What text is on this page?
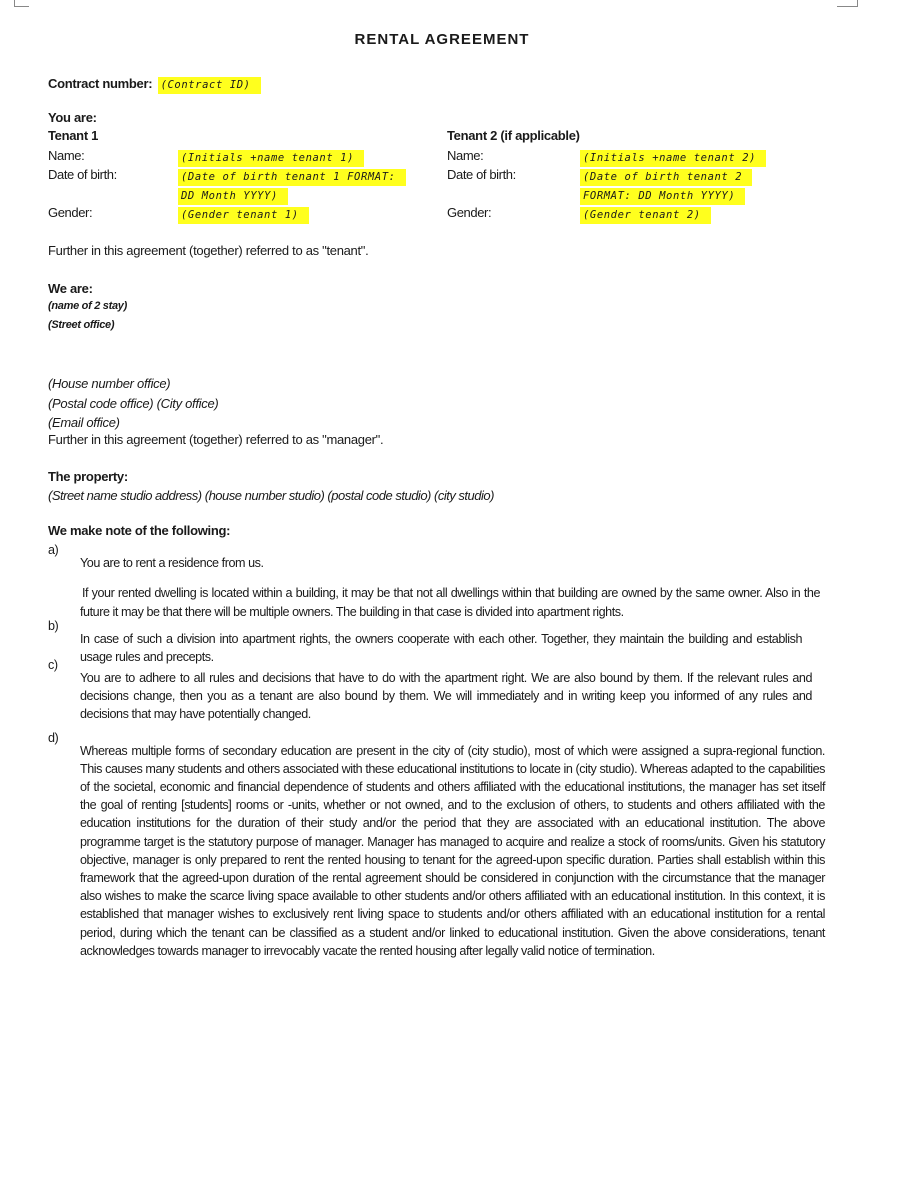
RENTAL AGREEMENT
Contract number: (Contract ID)
You are:
Tenant 1
Name:	(Initials +name tenant 1)
Date of birth:	(Date of birth tenant 1 FORMAT:
DD Month YYYY)
Gender:	(Gender tenant 1)
Tenant 2 (if applicable)
Name:	(Initials +name tenant 2)
Date of birth:	(Date of birth tenant 2
FORMAT: DD Month YYYY)
Gender:	(Gender tenant 2)
Further in this agreement (together) referred to as "tenant".
We are:
(name of 2 stay)
(Street office)
(House number office)
(Postal code office) (City office)
(Email office)
Further in this agreement (together) referred to as "manager".
The property:
(Street name studio address) (house number studio) (postal code studio) (city studio)
We make note of the following:
a)

You are to rent a residence from us.

If your rented dwelling is located within a building, it may be that not all dwellings within that building are owned by the same owner. Also in the future it may be that there will be multiple owners. The building in that case is divided into apartment rights.

b)

In case of such a division into apartment rights, the owners cooperate with each other. Together, they maintain the building and establish usage rules and precepts.

c)

You are to adhere to all rules and decisions that have to do with the apartment right. We are also bound by them. If the relevant rules and decisions change, then you as a tenant are also bound by them. We will immediately and in writing keep you informed of any rules and decisions that may have potentially changed.

d)

Whereas multiple forms of secondary education are present in the city of (city studio), most of which were assigned a supra-regional function. This causes many students and others associated with these educational institutions to locate in (city studio). Whereas adapted to the capabilities of the societal, economic and financial dependence of students and others affiliated with the educational institutions, the manager has set itself the goal of renting [students] rooms or -units, whether or not owned, and to the exclusion of others, to students and others affiliated with the education institutions for the duration of their study and/or the period that they are associated with an educational institution. The above programme target is the statutory purpose of manager. Manager has managed to acquire and realize a stock of rooms/units. Given his statutory objective, manager is only prepared to rent the rented housing to tenant for the agreed-upon specific duration. Parties shall establish within this framework that the agreed-upon duration of the rental agreement should be considered in conjunction with the circumstance that the manager also wishes to make the scarce living space available to other students and/or others affiliated with an educational institution. In this context, it is established that manager wishes to exclusively rent living space to students and/or others affiliated with an educational institution for a rental period, during which the tenant can be classified as a student and/or linked to educational institution. Given the above considerations, tenant acknowledges towards manager to irrevocably vacate the rented housing after legally valid notice of termination.
